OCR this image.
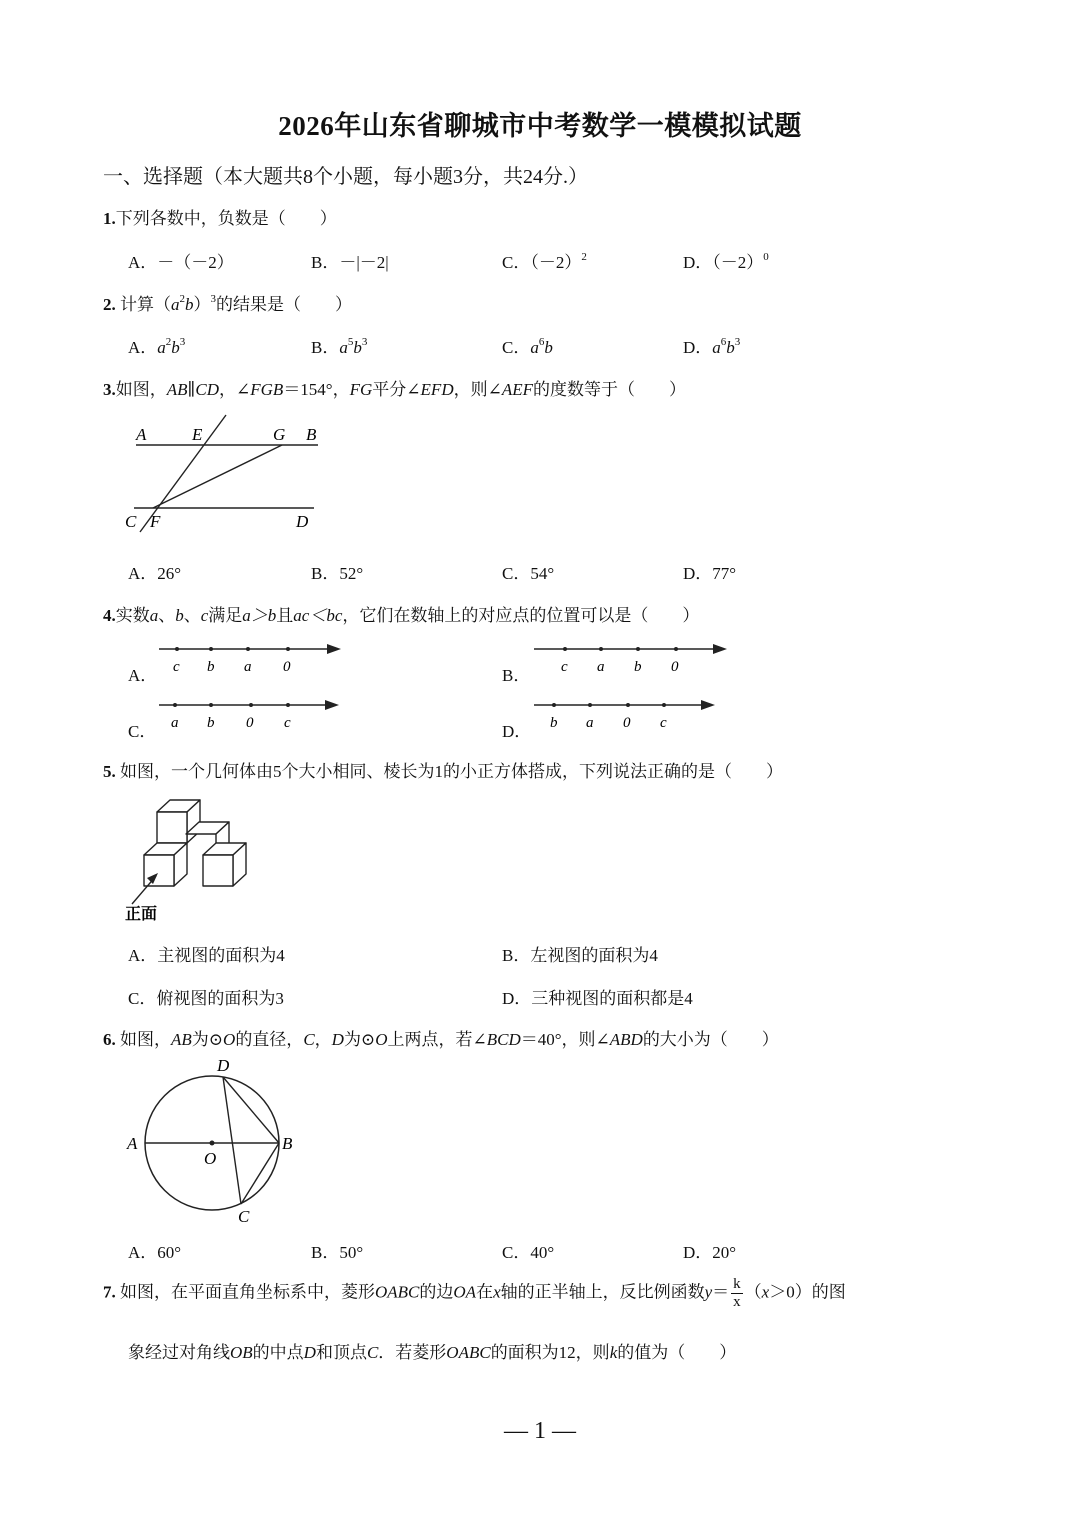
2026年山东省聊城市中考数学一模模拟试题
一、选择题（本大题共8个小题，每小题3分，共24分.）
1.下列各数中，负数是（　　）
A．－（－2）	B．－|－2|	C．$(-2)^2$	D．$(-2)^0$
2. 计算$(a^2b)^3$的结果是（　　）
A．$a^2b^3$	B．$a^5b^3$	C．$a^6b$	D．$a^6b^3$
3.如图，AB∥CD，∠FGB＝154°，FG平分∠EFD，则∠AEF的度数等于（　　）
A	E	G B
C F	D
A．26°	B．52°	C．54°	D．77°
4.实数a、b、c满足a＞b且ac＜bc，它们在数轴上的对应点的位置可以是（　　）
A． c b a 0	B． c a b 0
C． a b 0 c	D． b a 0 c
5. 如图，一个几何体由5个大小相同、棱长为1的小正方体搭成，下列说法正确的是（　　）
正面
A．主视图的面积为4	B．左视图的面积为4
C．俯视图的面积为3	D．三种视图的面积都是4
6. 如图，AB为⊙O的直径，C，D为⊙O上两点，若∠BCD＝40°，则∠ABD的大小为（　　）
A	B
D
C
O
A．60°	B．50°	C．40°	D．20°
7. 如图，在平面直角坐标系中，菱形OABC的边OA在x轴的正半轴上，反比例函数$y= \frac{k}{x} (x>0)$的图
象经过对角线OB的中点D和顶点C．若菱形OABC的面积为12，则k的值为（　　）
— 1 —
